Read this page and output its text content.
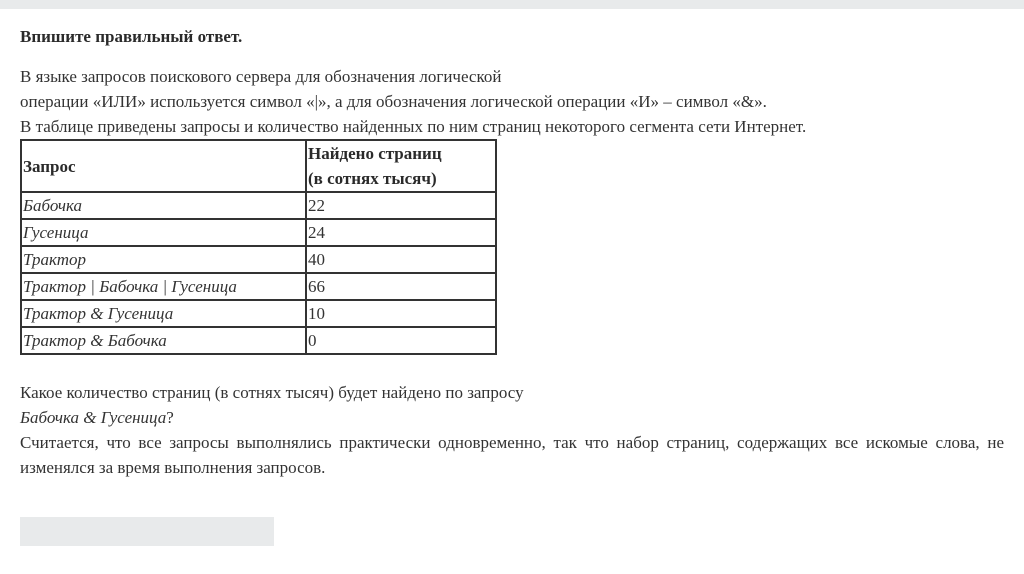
Впишите правильный ответ.

В языке запросов поискового сервера для обозначения логической

операции «ИЛИ» используется символ «|», а для обозначения логической операции «И» – символ «&».

В таблице приведены запросы и количество найденных по ним страниц некоторого сегмента сети Интернет.

Запрос	Найдено страниц
(в сотнях тысяч)
Бабочка	22
Гусеница	24
Трактор	40
Трактор | Бабочка | Гусеница	66
Трактор & Гусеница	10
Трактор & Бабочка	0

Какое количество страниц (в сотнях тысяч) будет найдено по запросу

Бабочка & Гусеница?

Считается, что все запросы выполнялись практически одновременно, так что набор страниц, содержащих все искомые слова, не изменялся за время выполнения запросов.
